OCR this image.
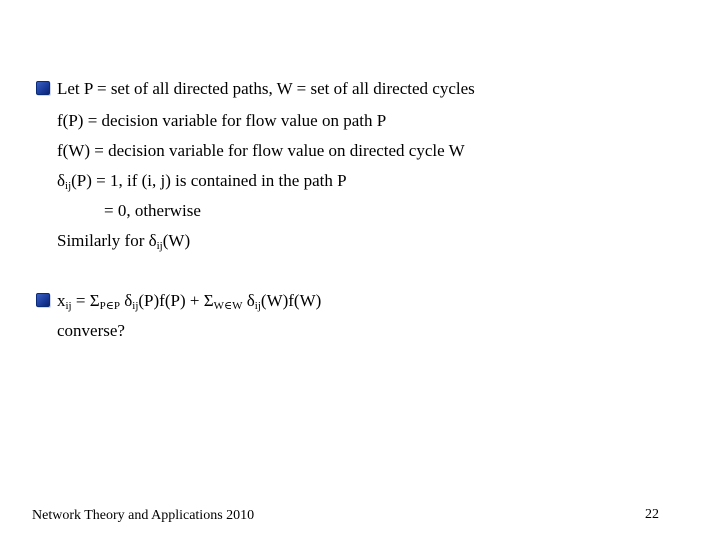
Let P = set of all directed paths, W = set of all directed cycles
f(P) = decision variable for flow value on path P
f(W) = decision variable for flow value on directed cycle W
$\delta_{ij}(P) = 1$, if (i, j) is contained in the path P
= 0, otherwise
Similarly for $\delta_{ij}(W)$
$x_{ij} = \Sigma_{P\in P}$ $\delta_{ij}(P)f(P) + \Sigma_{W\in W}$ $\delta_{ij}(W)f(W)$
converse?
Network Theory and Applications 2010	22
